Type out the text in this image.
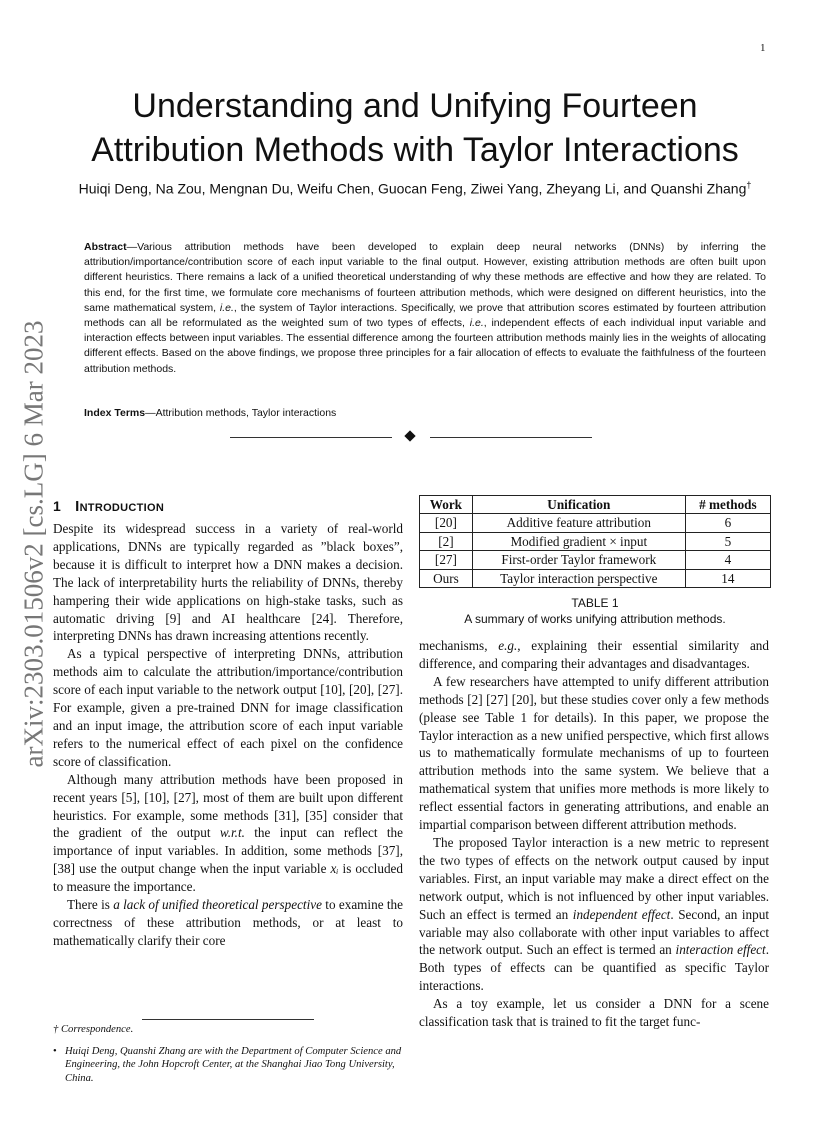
1
arXiv:2303.01506v2 [cs.LG] 6 Mar 2023
Understanding and Unifying Fourteen
Attribution Methods with Taylor Interactions
Huiqi Deng, Na Zou, Mengnan Du, Weifu Chen, Guocan Feng, Ziwei Yang, Zheyang Li, and Quanshi Zhang†
Abstract—Various attribution methods have been developed to explain deep neural networks (DNNs) by inferring the attribution/importance/contribution score of each input variable to the final output. However, existing attribution methods are often built upon different heuristics. There remains a lack of a unified theoretical understanding of why these methods are effective and how they are related. To this end, for the first time, we formulate core mechanisms of fourteen attribution methods, which were designed on different heuristics, into the same mathematical system, i.e., the system of Taylor interactions. Specifically, we prove that attribution scores estimated by fourteen attribution methods can all be reformulated as the weighted sum of two types of effects, i.e., independent effects of each individual input variable and interaction effects between input variables. The essential difference among the fourteen attribution methods mainly lies in the weights of allocating different effects. Based on the above findings, we propose three principles for a fair allocation of effects to evaluate the faithfulness of the fourteen attribution methods.
Index Terms—Attribution methods, Taylor interactions
1 INTRODUCTION

Despite its widespread success in a variety of real-world applications, DNNs are typically regarded as ”black boxes”, because it is difficult to interpret how a DNN makes a decision. The lack of interpretability hurts the reliability of DNNs, thereby hampering their wide applications on high-stake tasks, such as automatic driving [9] and AI healthcare [24]. Therefore, interpreting DNNs has drawn increasing attentions recently.

As a typical perspective of interpreting DNNs, attribution methods aim to calculate the attribution/importance/contribution score of each input variable to the network output [10], [20], [27]. For example, given a pre-trained DNN for image classification and an input image, the attribution score of each input variable refers to the numerical effect of each pixel on the confidence score of classification.

Although many attribution methods have been proposed in recent years [5], [10], [27], most of them are built upon different heuristics. For example, some methods [31], [35] consider that the gradient of the output w.r.t. the input can reflect the importance of input variables. In addition, some methods [37], [38] use the output change when the input variable xᵢ is occluded to measure the importance.

There is a lack of unified theoretical perspective to examine the correctness of these attribution methods, or at least to mathematically clarify their core

Work	Unification	# methods
[20]	Additive feature attribution	6
[2]	Modified gradient × input	5
[27]	First-order Taylor framework	4
Ours	Taylor interaction perspective	14
TABLE 1
A summary of works unifying attribution methods.

mechanisms, e.g., explaining their essential similarity and difference, and comparing their advantages and disadvantages.

A few researchers have attempted to unify different attribution methods [2] [27] [20], but these studies cover only a few methods (please see Table 1 for details). In this paper, we propose the Taylor interaction as a new unified perspective, which first allows us to mathematically formulate mechanisms of up to fourteen attribution methods into the same system. We believe that a mathematical system that unifies more methods is more likely to reflect essential factors in generating attributions, and enable an impartial comparison between different attribution methods.

The proposed Taylor interaction is a new metric to represent the two types of effects on the network output caused by input variables. First, an input variable may make a direct effect on the network output, which is not influenced by other input variables. Such an effect is termed an independent effect. Second, an input variable may also collaborate with other input variables to affect the network output. Such an effect is termed an interaction effect. Both types of effects can be quantified as specific Taylor interactions.

As a toy example, let us consider a DNN for a scene classification task that is trained to fit the target func-

† Correspondence.
• Huiqi Deng, Quanshi Zhang are with the Department of Computer Science and Engineering, the John Hopcroft Center, at the Shanghai Jiao Tong University, China.
